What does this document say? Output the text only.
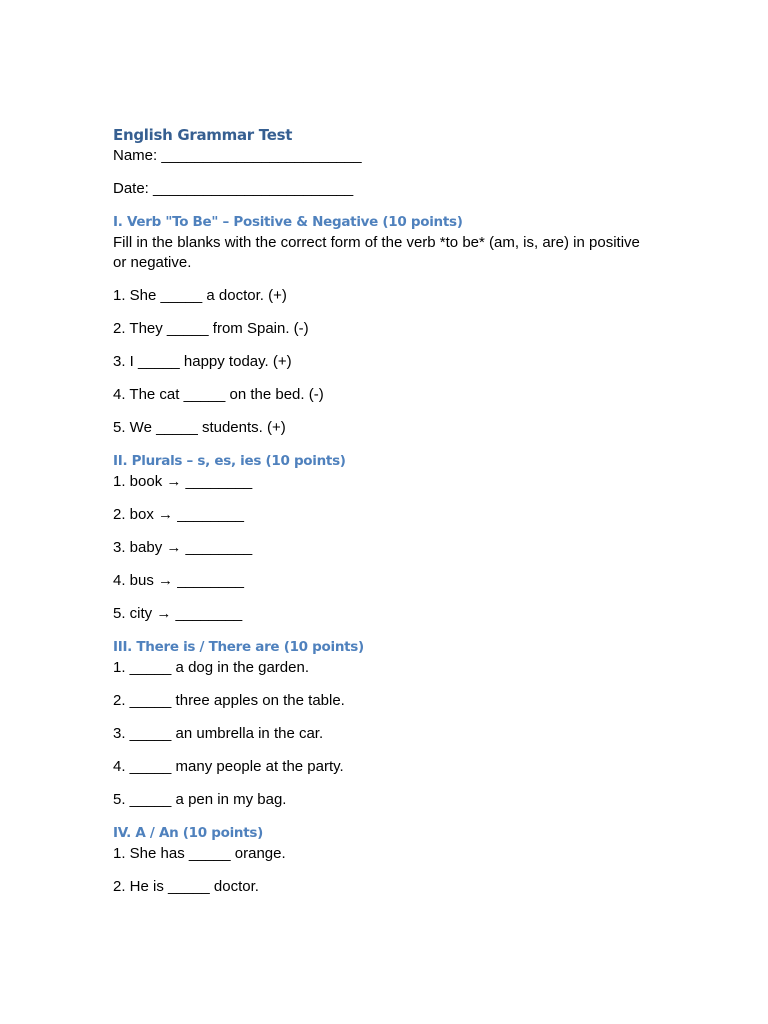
English Grammar Test

Name: ________________________

Date: ________________________

I. Verb "To Be" – Positive & Negative (10 points)

Fill in the blanks with the correct form of the verb *to be* (am, is, are) in positive or negative.

1. She _____ a doctor. (+)

2. They _____ from Spain. (-)

3. I _____ happy today. (+)

4. The cat _____ on the bed. (-)

5. We _____ students. (+)

II. Plurals – s, es, ies (10 points)

1. book → ________

2. box → ________

3. baby → ________

4. bus → ________

5. city → ________

III. There is / There are (10 points)

1. _____ a dog in the garden.

2. _____ three apples on the table.

3. _____ an umbrella in the car.

4. _____ many people at the party.

5. _____ a pen in my bag.

IV. A / An (10 points)

1. She has _____ orange.

2. He is _____ doctor.
